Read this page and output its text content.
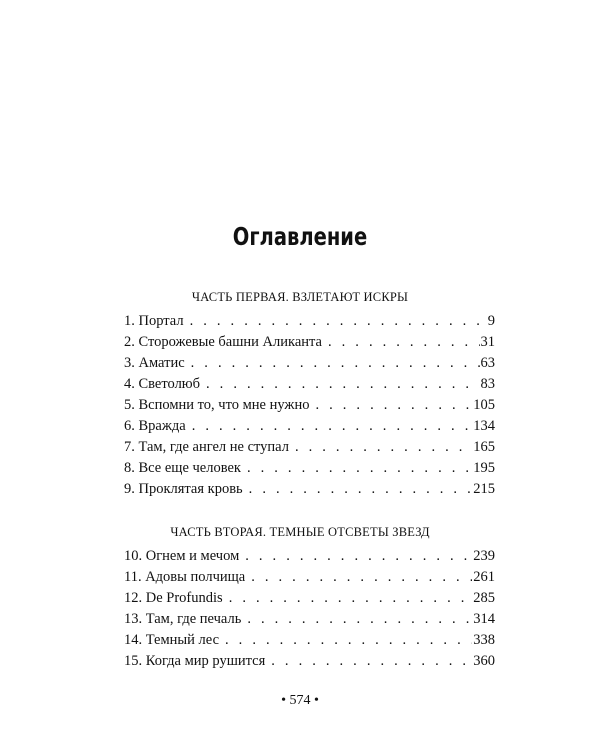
Оглавление
ЧАСТЬ ПЕРВАЯ. ВЗЛЕТАЮТ ИСКРЫ
1. Портал . . .	9
2. Сторожевые башни Аликанта . . .	31
3. Аматис . . .	63
4. Светолюб . . .	83
5. Вспомни то, что мне нужно . . .	105
6. Вражда . . .	134
7. Там, где ангел не ступал . . .	165
8. Все еще человек . . .	195
9. Проклятая кровь . . .	215
ЧАСТЬ ВТОРАЯ. ТЕМНЫЕ ОТСВЕТЫ ЗВЕЗД
10. Огнем и мечом . . .	239
11. Адовы полчища . . .	261
12. De Profundis . . .	285
13. Там, где печаль . . .	314
14. Темный лес . . .	338
15. Когда мир рушится . . .	360
• 574 •
